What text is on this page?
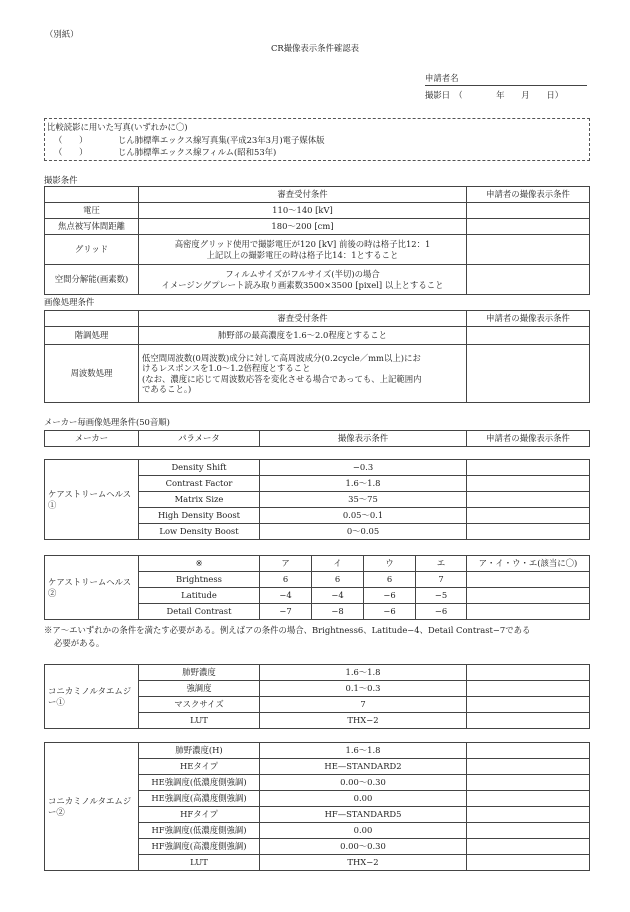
（別紙）
CR撮像表示条件確認表
申請者名
撮影日　（　　　　年　　月　　日）
比較読影に用いた写真(いずれかに〇)
（　　）	じん肺標準エックス線写真集(平成23年3月)電子媒体版
（　　）	じん肺標準エックス線フィルム(昭和53年)
撮影条件
	審査受付条件	申請者の撮像表示条件
電圧	110〜140 [kV]	
焦点被写体間距離	180〜200 [cm]	
グリッド	高密度グリッド使用で撮影電圧が120 [kV] 前後の時は格子比12：1
上記以上の撮影電圧の時は格子比14：1とすること	

空間分解能(画素数)	フィルムサイズがフルサイズ(半切)の場合
イメージングプレート読み取り画素数3500×3500 [pixel] 以上とすること	

画像処理条件
	審査受付条件	申請者の撮像表示条件
階調処理	肺野部の最高濃度を1.6〜2.0程度とすること	
周波数処理	低空間周波数(0周波数)成分に対して高周波成分(0.2cycle／mm以上)にお
けるレスポンスを1.0〜1.2倍程度とすること
(なお、濃度に応じて周波数応答を変化させる場合であっても、上記範囲内
であること。)	

メーカー毎画像処理条件(50音順)
メーカー	パラメータ	撮像表示条件	申請者の撮像表示条件
ケアストリームヘルス①	Density Shift	−0.3	
	Contrast Factor	1.6〜1.8	
	Matrix Size	35〜75	
	High Density Boost	0.05〜0.1	
	Low Density Boost	0〜0.05	
ケアストリームヘルス②	※	ア	イ	ウ	エ	ア・イ・ウ・エ(該当に〇)
	Brightness	6	6	6	7	
	Latitude	−4	−4	−6	−5	
	Detail Contrast	−7	−8	−6	−6	
※ア〜エいずれかの条件を満たす必要がある。例えばアの条件の場合、Brightness6、Latitude−4、Detail Contrast−7である
必要がある。
コニカミノルタエムジー①	肺野濃度	1.6〜1.8	
	強調度	0.1〜0.3	
	マスクサイズ	7	
	LUT	THX−2	
コニカミノルタエムジー②	肺野濃度(H)	1.6〜1.8	
	HEタイプ	HE—STANDARD2	
	HE強調度(低濃度側強調)	0.00〜0.30	
	HE強調度(高濃度側強調)	0.00	
	HFタイプ	HF—STANDARD5	
	HF強調度(低濃度側強調)	0.00	
	HF強調度(高濃度側強調)	0.00〜0.30	
	LUT	THX−2	
